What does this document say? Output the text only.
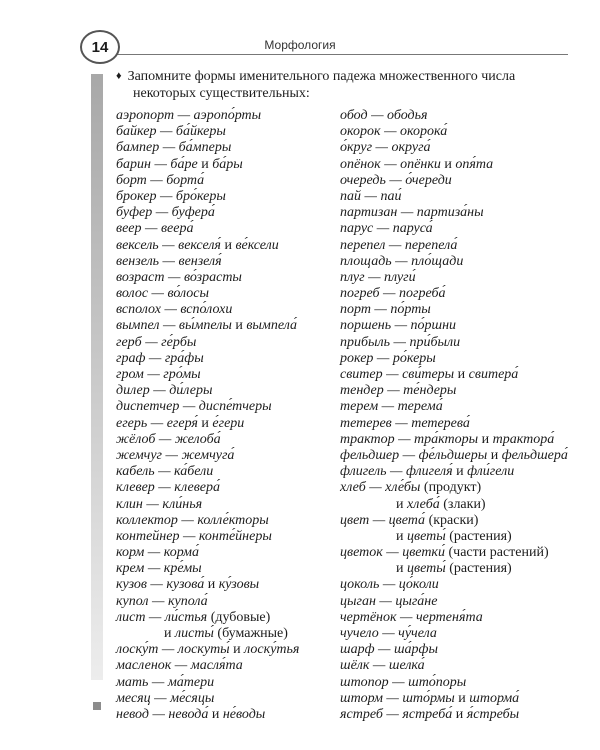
14	Морфология
♦ Запомните формы именительного падежа множественного числа некоторых существительных:
аэропорт — аэропо́рты
байкер — ба́йкеры
бампер — ба́мперы
барин — ба́ре и ба́ры
борт — борта́
брокер — бро́керы
буфер — буфера́
веер — веера́
вексель — векселя́ и ве́ксели
вензель — вензеля́
возраст — во́зрасты
волос — во́лосы
всполох — вспо́лохи
вымпел — вы́мпелы и вымпела́
герб — ге́рбы
граф — гра́фы
гром — гро́мы
дилер — ди́леры
диспетчер — диспе́тчеры
егерь — егеря́ и е́гери
жёлоб — желоба́
жемчуг — жемчуга́
кабель — ка́бели
клевер — клевера́
клин — кли́нья
коллектор — колле́кторы
контейнер — конте́йнеры
корм — корма́
крем — кре́мы
кузов — кузова́ и ку́зовы
купол — купола́
лист — ли́стья (дубовые)
и листы́ (бумажные)
лоску́т — лоскуты́ и лоску́тья
масленок — масля́та
мать — ма́тери
месяц — ме́сяцы
невод — невода́ и не́воды
обод — ободья
окорок — окорока́
о́круг — округа́
опёнок — опёнки и опя́та
очередь — о́череди
пай — паи́
партизан — партиза́ны
парус — паруса́
перепел — перепела́
площадь — пло́щади
плуг — плуги́
погреб — погреба́
порт — по́рты
поршень — по́ршни
прибыль — при́были
рокер — ро́керы
свитер — сви́теры и свитера́
тендер — те́ндеры
терем — терема́
тетерев — тетерева́
трактор — тра́кторы и трактора́
фельдшер — фе́льдшеры и фельдшера́
флигель — флигеля́ и фли́гели
хлеб — хле́бы (продукт)
и хлеба́ (злаки)
цвет — цвета́ (краски)
и цветы́ (растения)
цветок — цветки́ (части растений)
и цветы́ (растения)
цоколь — цо́коли
цыган — цыга́не
чертёнок — чертеня́та
чучело — чу́чела
шарф — ша́рфы
шёлк — шелка́
штопор — што́поры
шторм — што́рмы и шторма́
ястреб — ястреба́ и я́стребы
